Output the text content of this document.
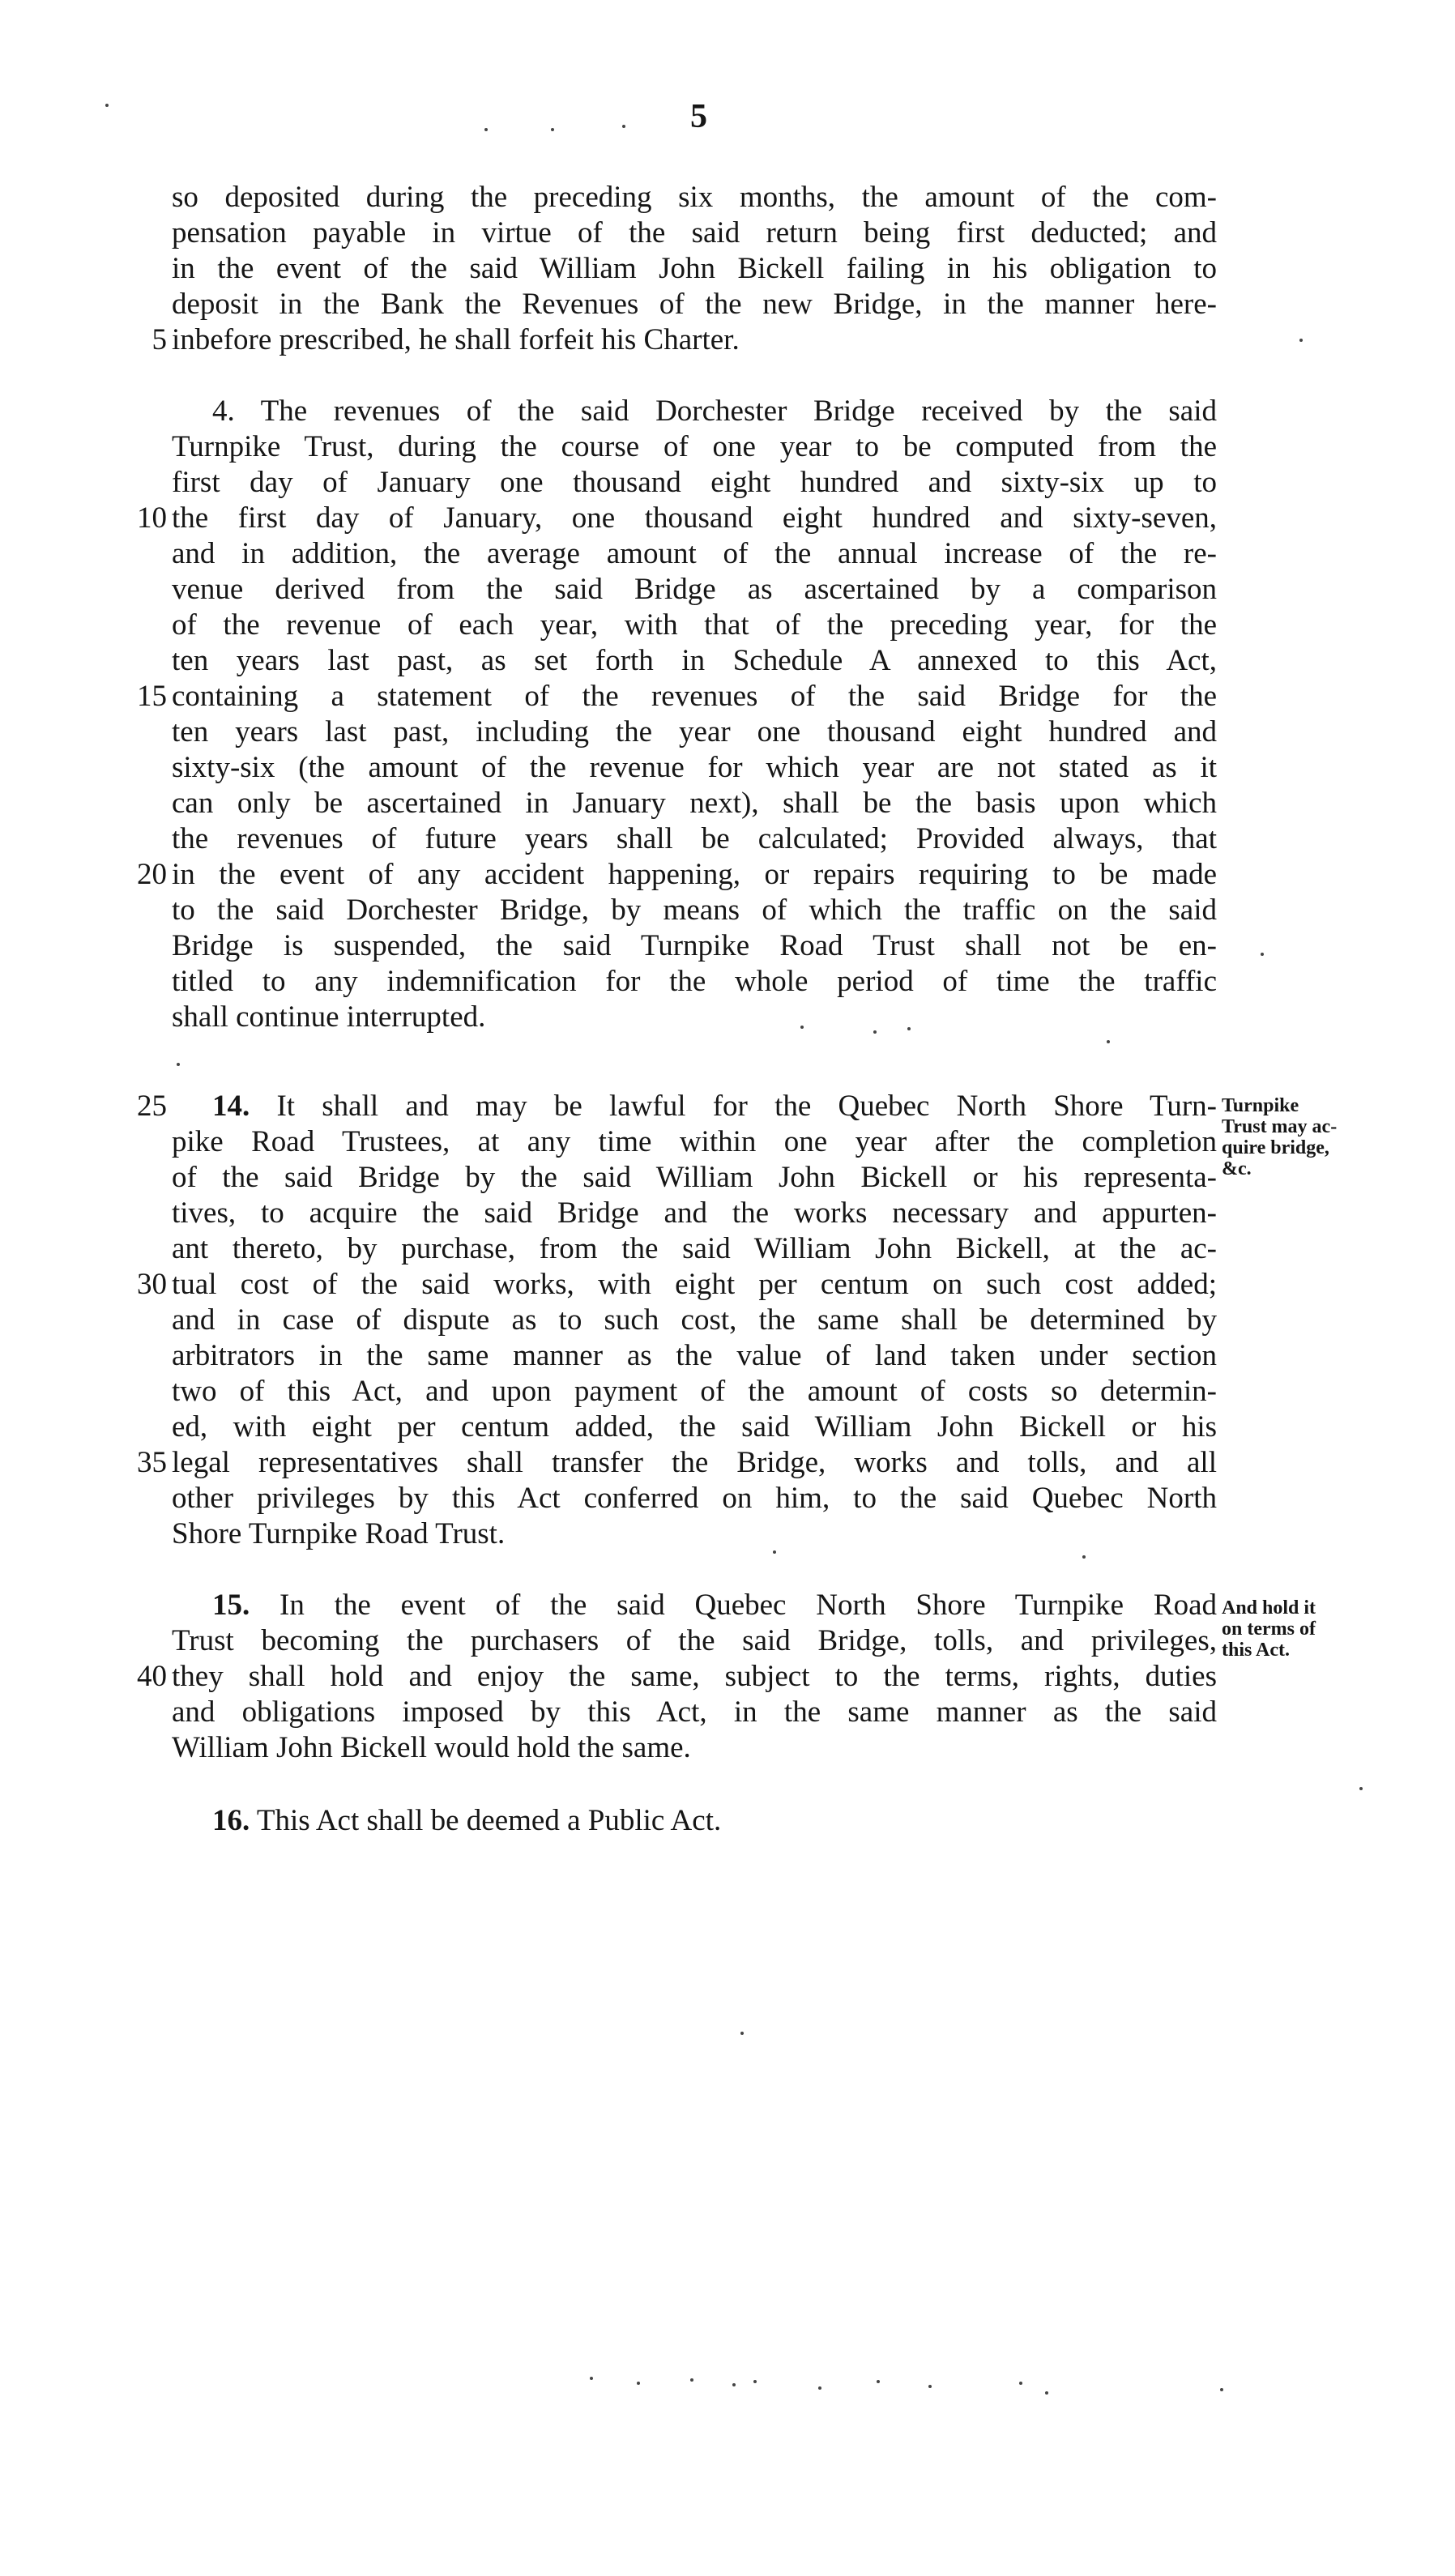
5
so deposited during the preceding six months, the amount of the com-
pensation payable in virtue of the said return being first deducted; and
in the event of the said William John Bickell failing in his obligation to
deposit in the Bank the Revenues of the new Bridge, in the manner here-
inbefore prescribed, he shall forfeit his Charter.
5
4. The revenues of the said Dorchester Bridge received by the said
Turnpike Trust, during the course of one year to be computed from the
first day of January one thousand eight hundred and sixty-six up to
the first day of January, one thousand eight hundred and sixty-seven,
10
and in addition, the average amount of the annual increase of the re-
venue derived from the said Bridge as ascertained by a comparison
of the revenue of each year, with that of the preceding year, for the
ten years last past, as set forth in Schedule A annexed to this Act,
containing a statement of the revenues of the said Bridge for the
15
ten years last past, including the year one thousand eight hundred and
sixty-six (the amount of the revenue for which year are not stated as it
can only be ascertained in January next), shall be the basis upon which
the revenues of future years shall be calculated; Provided always, that
in the event of any accident happening, or repairs requiring to be made
20
to the said Dorchester Bridge, by means of which the traffic on the said
Bridge is suspended, the said Turnpike Road Trust shall not be en-
titled to any indemnification for the whole period of time the traffic
shall continue interrupted.
25 14. It shall and may be lawful for the Quebec North Shore Turn-
pike Road Trustees, at any time within one year after the completion
of the said Bridge by the said William John Bickell or his representa-
tives, to acquire the said Bridge and the works necessary and appurten-
ant thereto, by purchase, from the said William John Bickell, at the ac-
tual cost of the said works, with eight per centum on such cost added;
30
and in case of dispute as to such cost, the same shall be determined by
arbitrators in the same manner as the value of land taken under section
two of this Act, and upon payment of the amount of costs so determin-
ed, with eight per centum added, the said William John Bickell or his
legal representatives shall transfer the Bridge, works and tolls, and all
35
other privileges by this Act conferred on him, to the said Quebec North
Shore Turnpike Road Trust.
Turnpike
Trust may ac-
quire bridge,
&c.
15. In the event of the said Quebec North Shore Turnpike Road
Trust becoming the purchasers of the said Bridge, tolls, and privileges,
they shall hold and enjoy the same, subject to the terms, rights, duties
40
and obligations imposed by this Act, in the same manner as the said
William John Bickell would hold the same.
And hold it
on terms of
this Act.
16. This Act shall be deemed a Public Act.
